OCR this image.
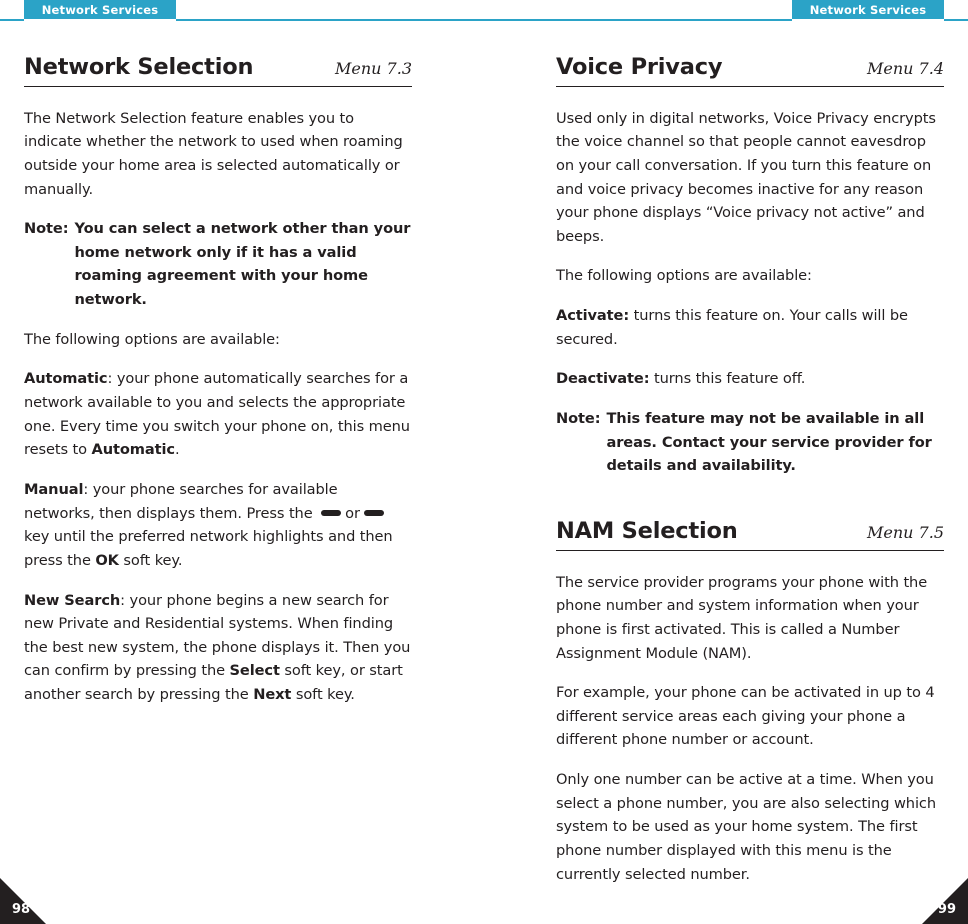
Network Services
Network Selection	Menu 7.3

The Network Selection feature enables you to indicate whether the network to used when roaming outside your home area is selected automatically or manually.

Note: You can select a network other than your home network only if it has a valid roaming agreement with your home network.

The following options are available:

Automatic: your phone automatically searches for a network available to you and selects the appropriate one. Every time you switch your phone on, this menu resets to Automatic.

Manual: your phone searches for available networks, then displays them. Press the orkey until the preferred network highlights and then press the OK soft key.

New Search: your phone begins a new search for new Private and Residential systems. When finding the best new system, the phone displays it. Then you can confirm by pressing the Select soft key, or start another search by pressing the Next soft key.

98
Network Services
Voice Privacy	Menu 7.4

Used only in digital networks, Voice Privacy encrypts the voice channel so that people cannot eavesdrop on your call conversation. If you turn this feature on and voice privacy becomes inactive for any reason your phone displays “Voice privacy not active” and beeps.

The following options are available:

Activate: turns this feature on. Your calls will be secured.

Deactivate: turns this feature off.

Note: This feature may not be available in all areas. Contact your service provider for details and availability.
NAM Selection	Menu 7.5

The service provider programs your phone with the phone number and system information when your phone is first activated. This is called a Number Assignment Module (NAM).

For example, your phone can be activated in up to 4 different service areas each giving your phone a different phone number or account.

Only one number can be active at a time. When you select a phone number, you are also selecting which system to be used as your home system. The first phone number displayed with this menu is the currently selected number.

99
